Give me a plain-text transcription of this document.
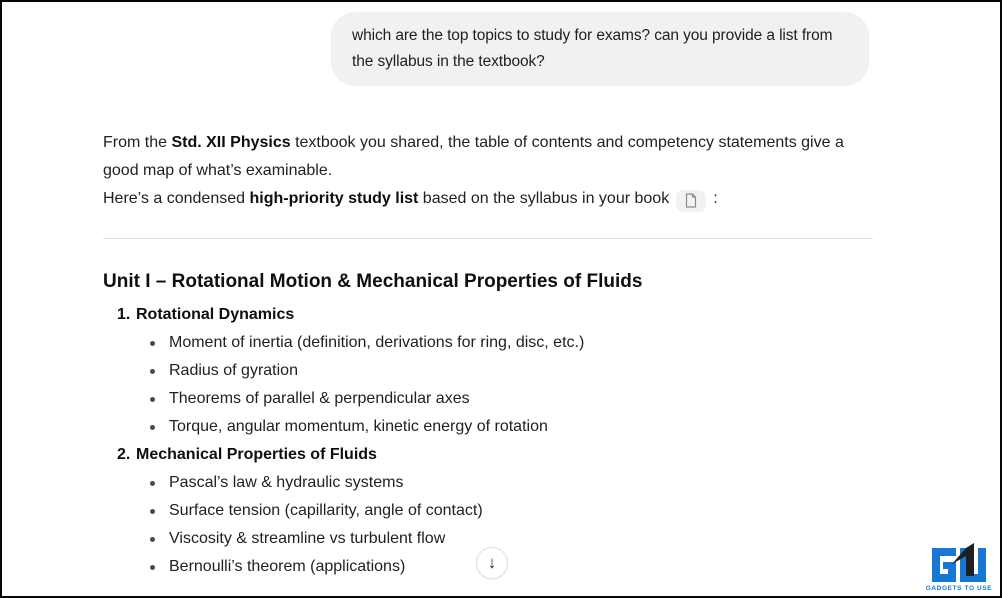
which are the top topics to study for exams? can you provide a list from the syllabus in the textbook?

From the Std. XII Physics textbook you shared, the table of contents and competency statements give a good map of what’s examinable.

Here’s a condensed high-priority study list based on the syllabus in your book	:

Unit I – Rotational Motion & Mechanical Properties of Fluids
1. Rotational Dynamics
Moment of inertia (definition, derivations for ring, disc, etc.)
Radius of gyration
Theorems of parallel & perpendicular axes
Torque, angular momentum, kinetic energy of rotation
2. Mechanical Properties of Fluids
Pascal’s law & hydraulic systems
Surface tension (capillarity, angle of contact)
Viscosity & streamline vs turbulent flow
Bernoulli’s theorem (applications)	↓
GADGETS TO USE
